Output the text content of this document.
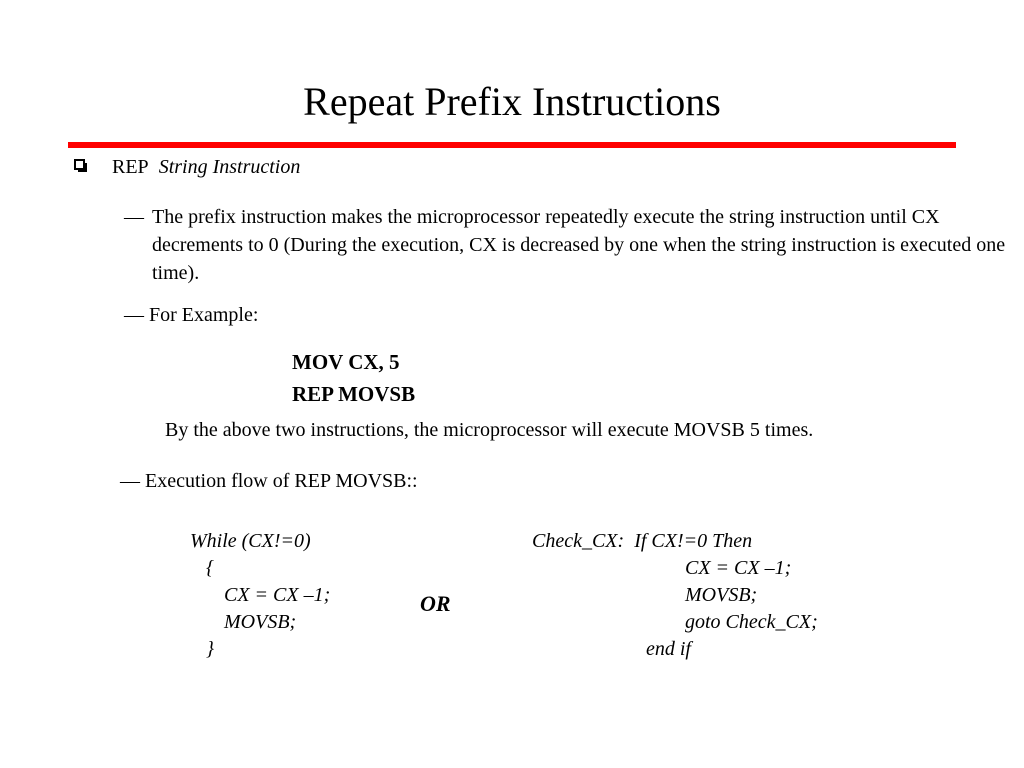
Repeat Prefix Instructions
REP String Instruction
— The prefix instruction makes the microprocessor repeatedly execute the string instruction until CX decrements to 0 (During the execution, CX is decreased by one when the string instruction is executed one time).
— For Example:
MOV CX, 5
REP MOVSB
By the above two instructions, the microprocessor will execute MOVSB 5 times.
— Execution flow of REP MOVSB::
While (CX!=0)
{
CX = CX –1;
MOVSB;
}
OR
Check_CX:  If CX!=0 Then
CX = CX –1;
MOVSB;
goto Check_CX;
end if
